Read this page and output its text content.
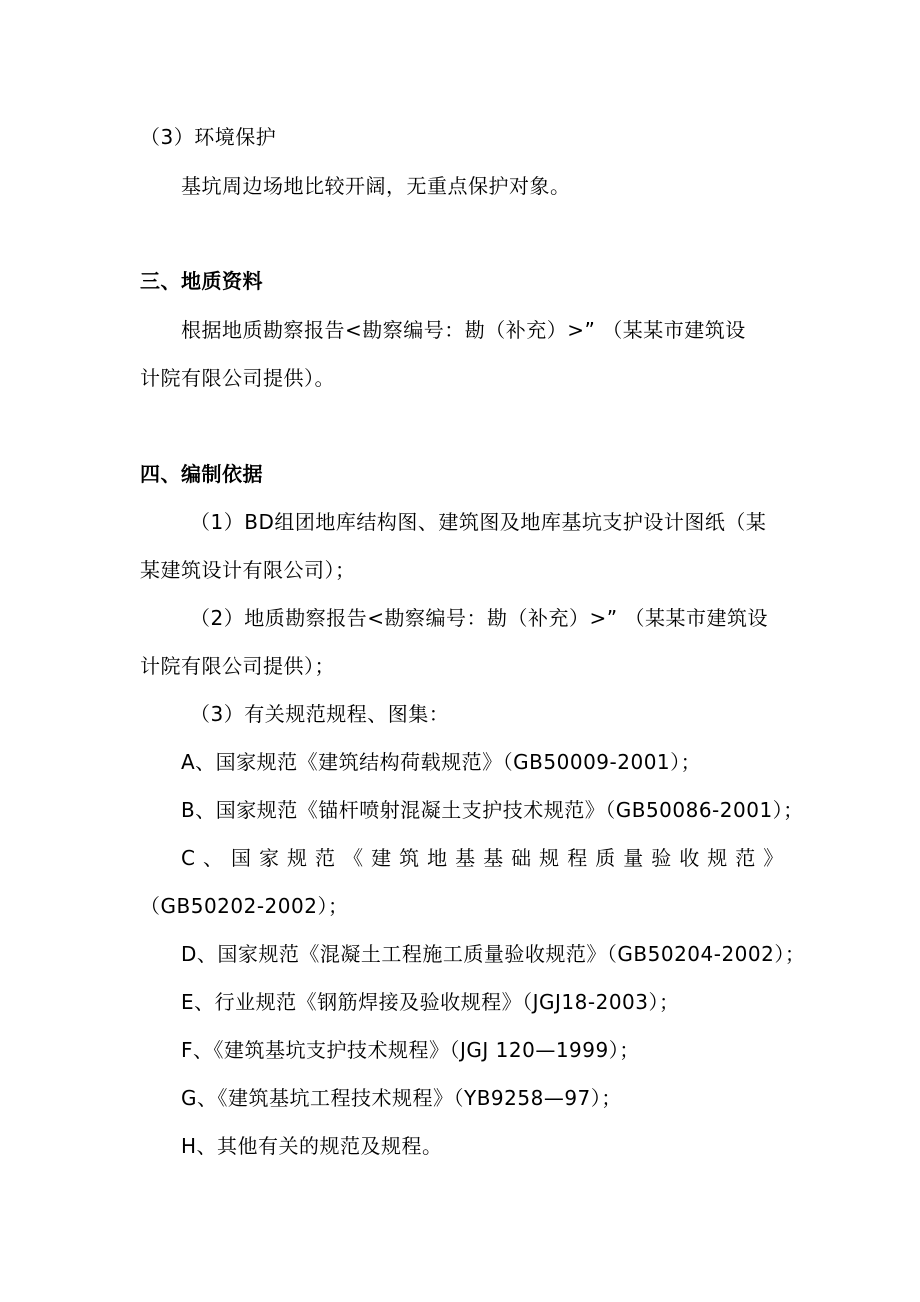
（3）环境保护
基坑周边场地比较开阔，无重点保护对象。
三、地质资料
根据地质勘察报告<勘察编号：勘（补充）>” （某某市建筑设
计院有限公司提供）。
四、编制依据
（1）BD组团地库结构图、建筑图及地库基坑支护设计图纸（某
某建筑设计有限公司）；
（2）地质勘察报告<勘察编号：勘（补充）>” （某某市建筑设
计院有限公司提供）；
（3）有关规范规程、图集：
A、国家规范《建筑结构荷载规范》（GB50009-2001）；
B、国家规范《锚杆喷射混凝土支护技术规范》（GB50086-2001）；
C 、 国 家 规 范 《 建 筑 地 基 基 础 规 程 质 量 验 收 规 范 》
（GB50202-2002）；
D、国家规范《混凝土工程施工质量验收规范》（GB50204-2002）；
E、行业规范《钢筋焊接及验收规程》（JGJ18-2003）；
F、《建筑基坑支护技术规程》（JGJ 120—1999）；
G、《建筑基坑工程技术规程》（YB9258—97）；
H、其他有关的规范及规程。
